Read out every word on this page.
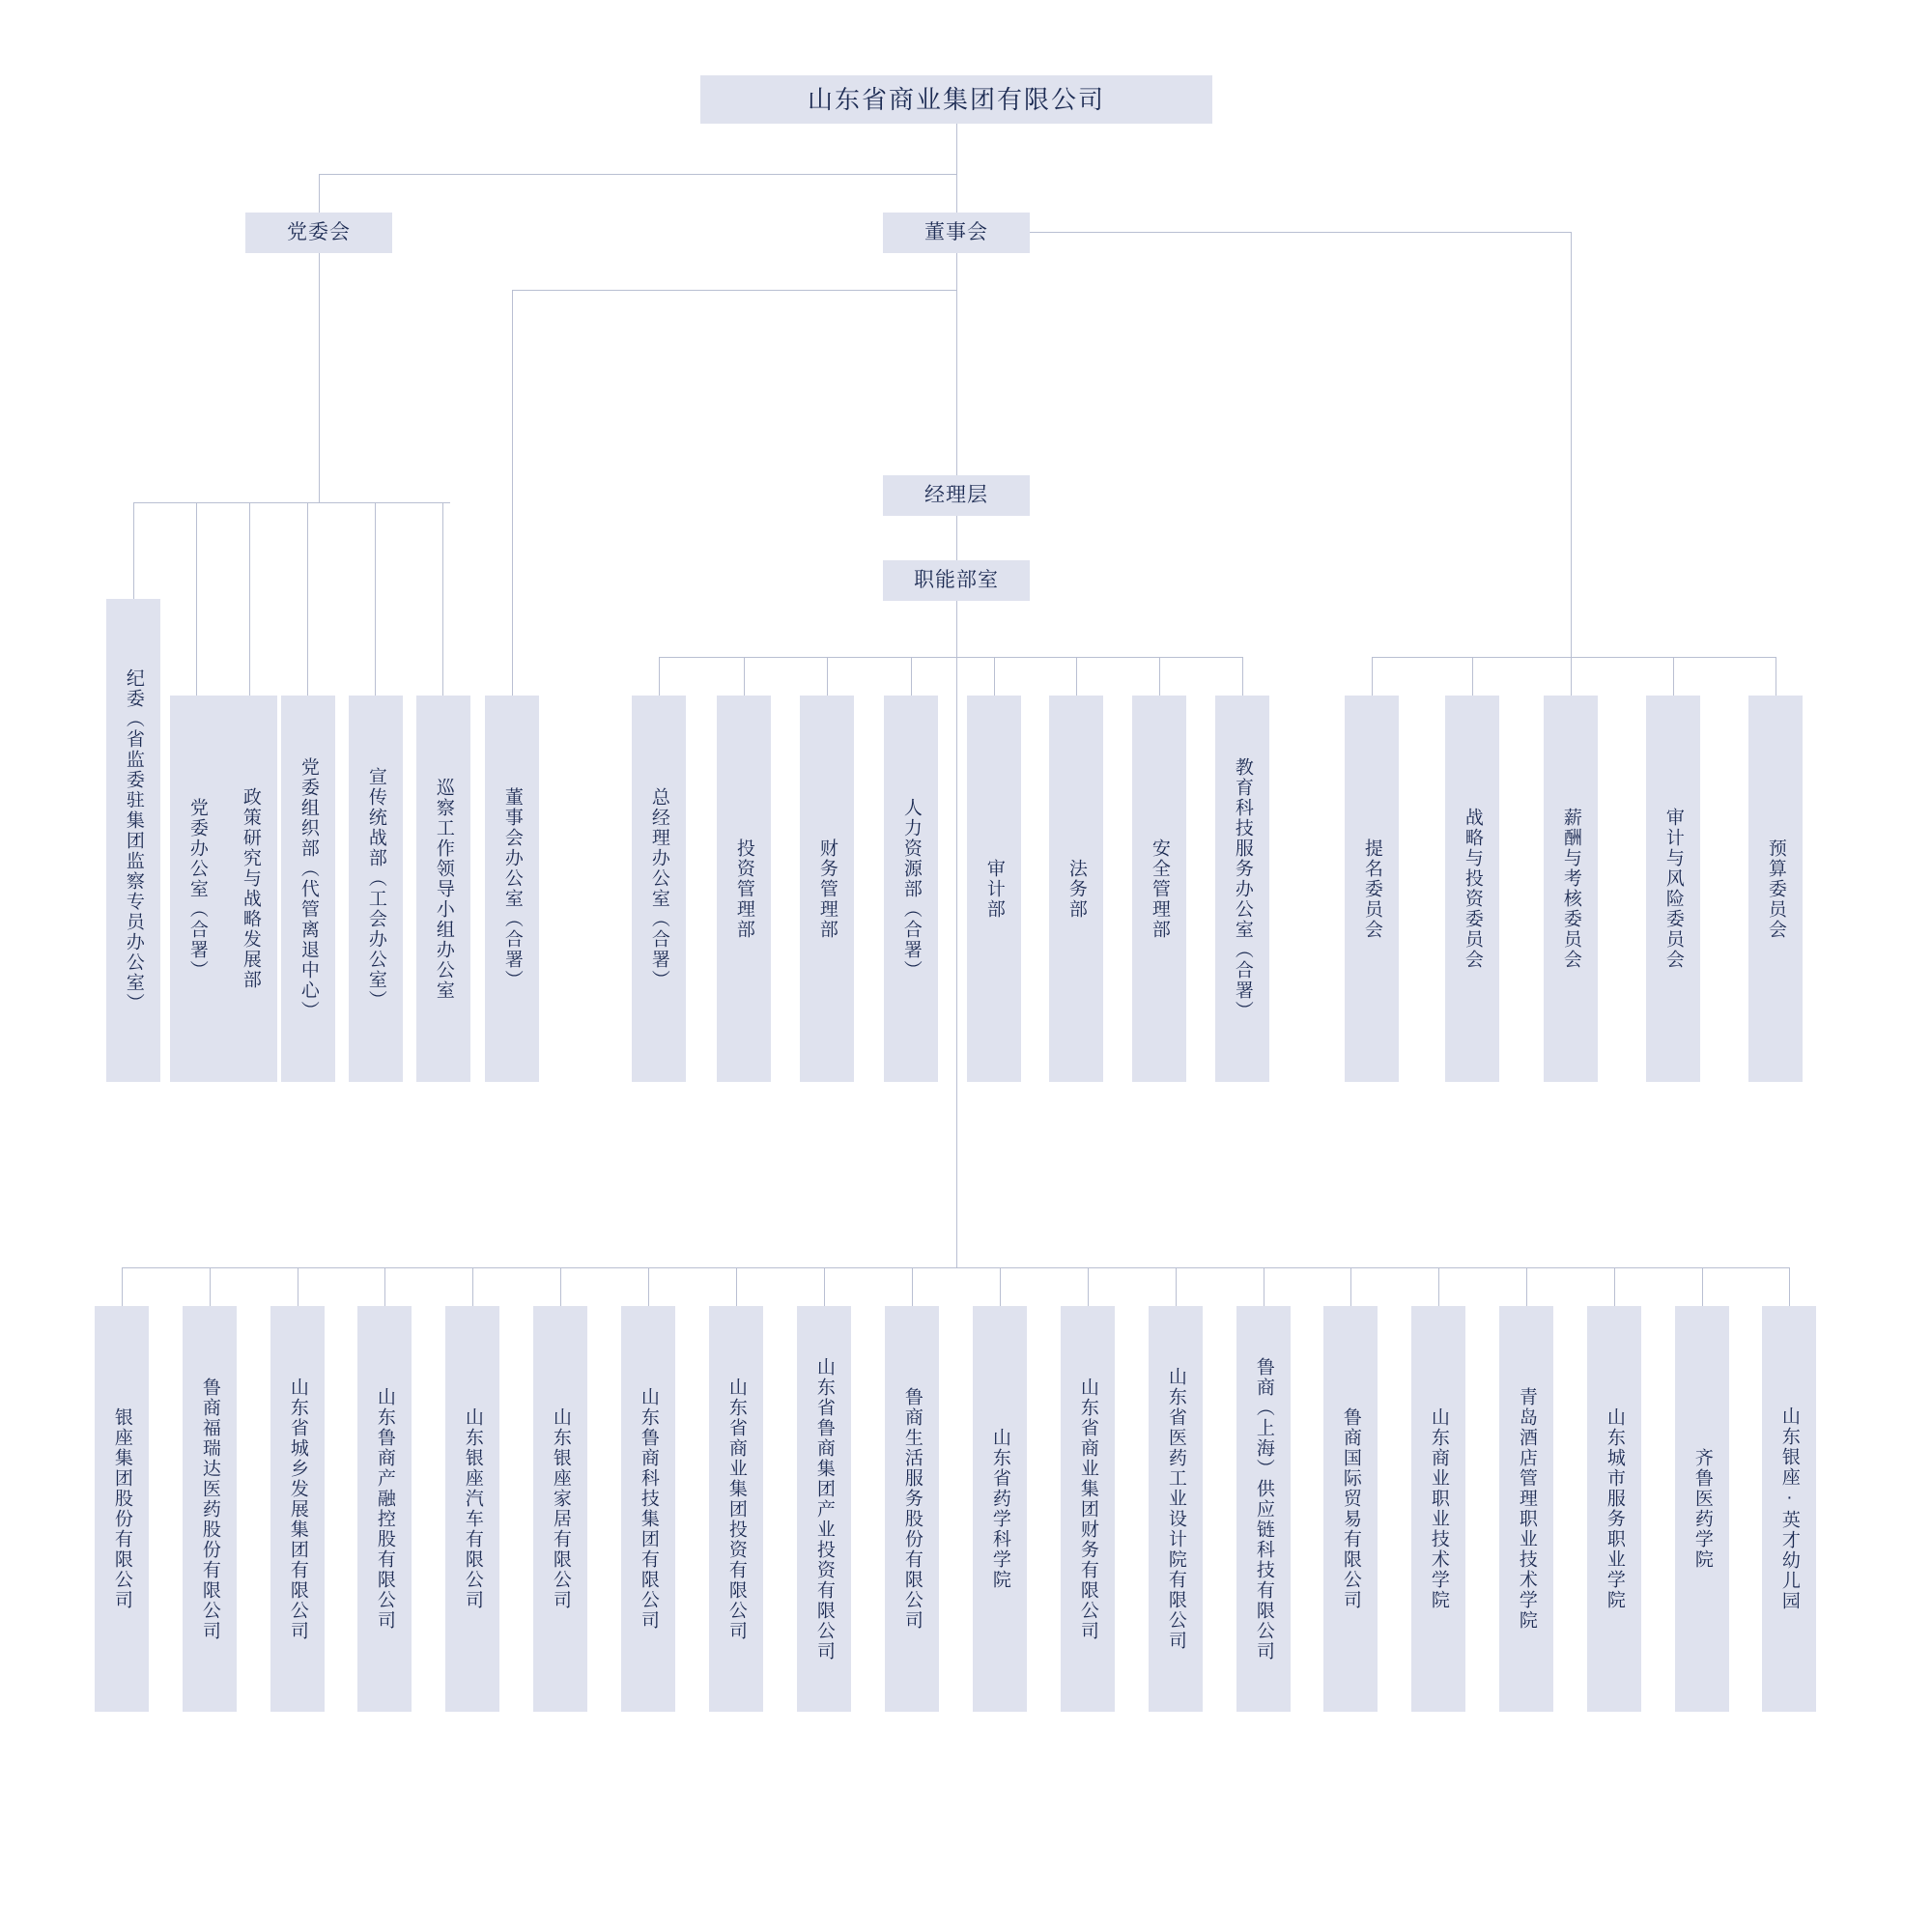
山东省商业集团有限公司
党委会	董事会
经理层
职能部室
纪委（省监委驻集团监察专员办公室）	党委办公室（合署）	政策研究与战略发展部	党委组织部（代管离退中心）	宣传统战部（工会办公室）	巡察工作领导小组办公室	董事会办公室（合署）	总经理办公室（合署）	投资管理部	财务管理部	人力资源部（合署）	审计部	法务部	安全管理部	教育科技服务办公室（合署）	提名委员会	战略与投资委员会	薪酬与考核委员会	审计与风险委员会	预算委员会
银座集团股份有限公司	鲁商福瑞达医药股份有限公司	山东省城乡发展集团有限公司	山东鲁商产融控股有限公司	山东银座汽车有限公司	山东银座家居有限公司	山东鲁商科技集团有限公司	山东省商业集团投资有限公司	山东省鲁商集团产业投资有限公司	鲁商生活服务股份有限公司	山东省药学科学院	山东省商业集团财务有限公司	山东省医药工业设计院有限公司	鲁商（上海）供应链科技有限公司	鲁商国际贸易有限公司	山东商业职业技术学院	青岛酒店管理职业技术学院	山东城市服务职业学院	齐鲁医药学院	山东银座·英才幼儿园
